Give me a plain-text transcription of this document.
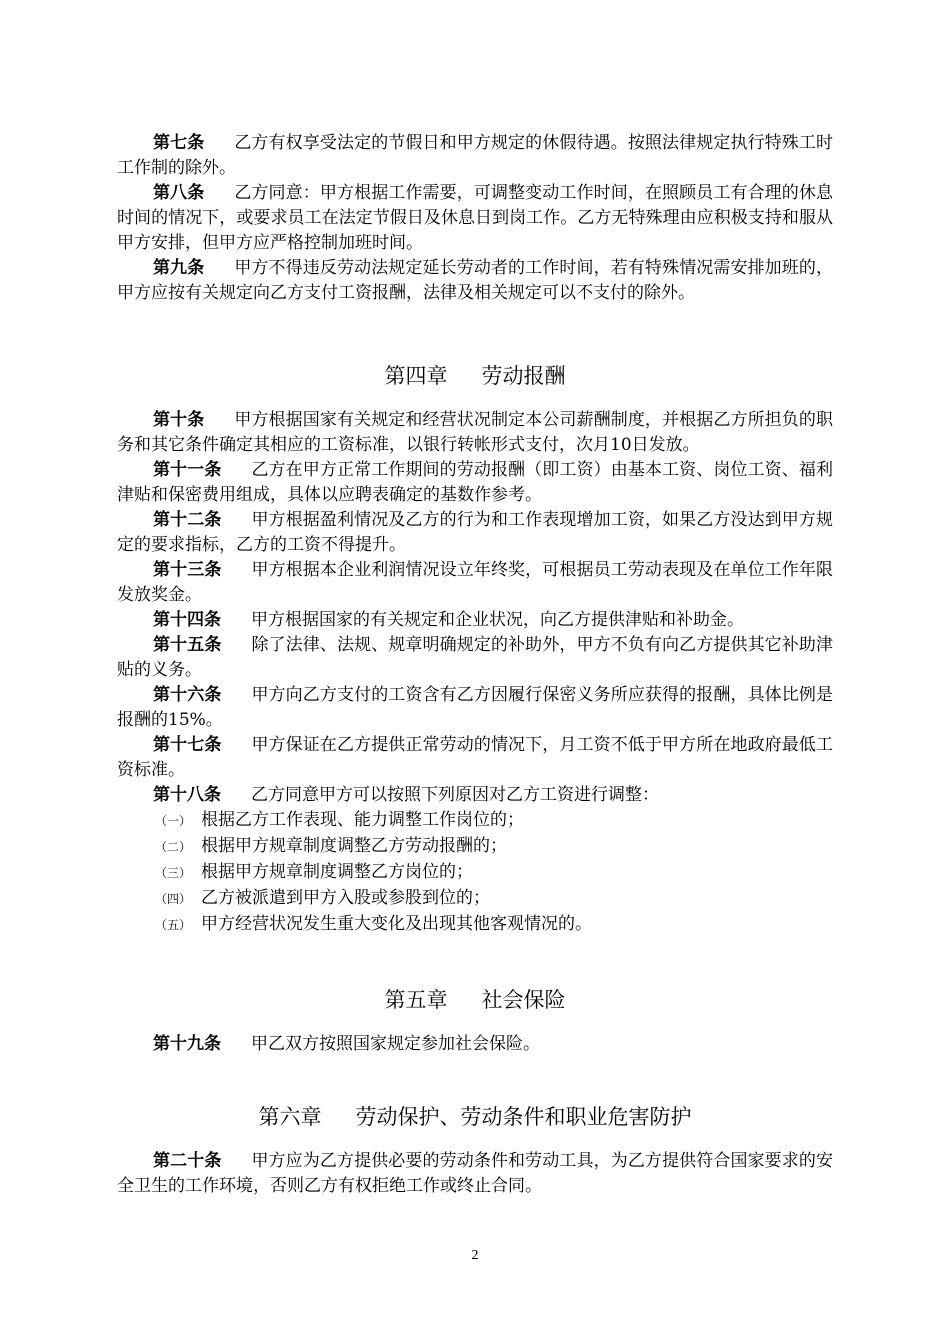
第七条 乙方有权享受法定的节假日和甲方规定的休假待遇。按照法律规定执行特殊工时工作制的除外。

第八条 乙方同意：甲方根据工作需要，可调整变动工作时间，在照顾员工有合理的休息时间的情况下，或要求员工在法定节假日及休息日到岗工作。乙方无特殊理由应积极支持和服从甲方安排，但甲方应严格控制加班时间。

第九条 甲方不得违反劳动法规定延长劳动者的工作时间，若有特殊情况需安排加班的，甲方应按有关规定向乙方支付工资报酬，法律及相关规定可以不支付的除外。

第四章 劳动报酬

第十条 甲方根据国家有关规定和经营状况制定本公司薪酬制度，并根据乙方所担负的职务和其它条件确定其相应的工资标准，以银行转帐形式支付，次月10日发放。

第十一条 乙方在甲方正常工作期间的劳动报酬（即工资）由基本工资、岗位工资、福利津贴和保密费用组成，具体以应聘表确定的基数作参考。

第十二条 甲方根据盈利情况及乙方的行为和工作表现增加工资，如果乙方没达到甲方规定的要求指标，乙方的工资不得提升。

第十三条 甲方根据本企业利润情况设立年终奖，可根据员工劳动表现及在单位工作年限发放奖金。

第十四条 甲方根据国家的有关规定和企业状况，向乙方提供津贴和补助金。

第十五条 除了法律、法规、规章明确规定的补助外，甲方不负有向乙方提供其它补助津贴的义务。

第十六条 甲方向乙方支付的工资含有乙方因履行保密义务所应获得的报酬，具体比例是报酬的15%。

第十七条 甲方保证在乙方提供正常劳动的情况下，月工资不低于甲方所在地政府最低工资标准。

第十八条 乙方同意甲方可以按照下列原因对乙方工资进行调整：

（一） 根据乙方工作表现、能力调整工作岗位的；

（二） 根据甲方规章制度调整乙方劳动报酬的；

（三） 根据甲方规章制度调整乙方岗位的；

（四） 乙方被派遣到甲方入股或参股到位的；

（五） 甲方经营状况发生重大变化及出现其他客观情况的。

第五章 社会保险

第十九条 甲乙双方按照国家规定参加社会保险。

第六章 劳动保护、劳动条件和职业危害防护

第二十条 甲方应为乙方提供必要的劳动条件和劳动工具，为乙方提供符合国家要求的安全卫生的工作环境，否则乙方有权拒绝工作或终止合同。

2
